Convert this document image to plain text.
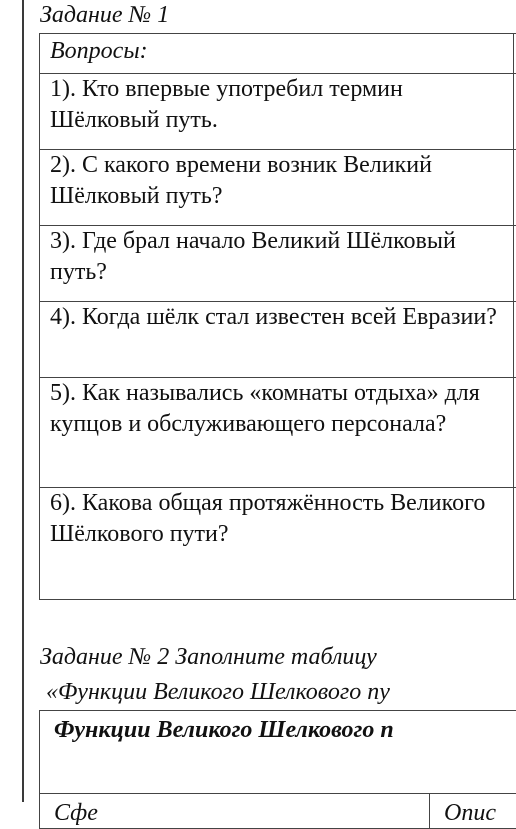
Задание № 1
Вопросы:	
1). Кто впервые употребил термин Шёлковый путь.	
2). С какого времени возник Великий Шёлковый путь?	
3). Где брал начало Великий Шёлковый путь?	
4). Когда шёлк стал известен всей Евразии?	
5). Как назывались «комнаты отдыха» для купцов и обслуживающего персонала?	
6). Какова общая протяжённость Великого Шёлкового пути?	
Задание № 2 Заполните таблицу
«Функции Великого Шелкового пу
Функции Великого Шелкового п
Сфе	Опис
